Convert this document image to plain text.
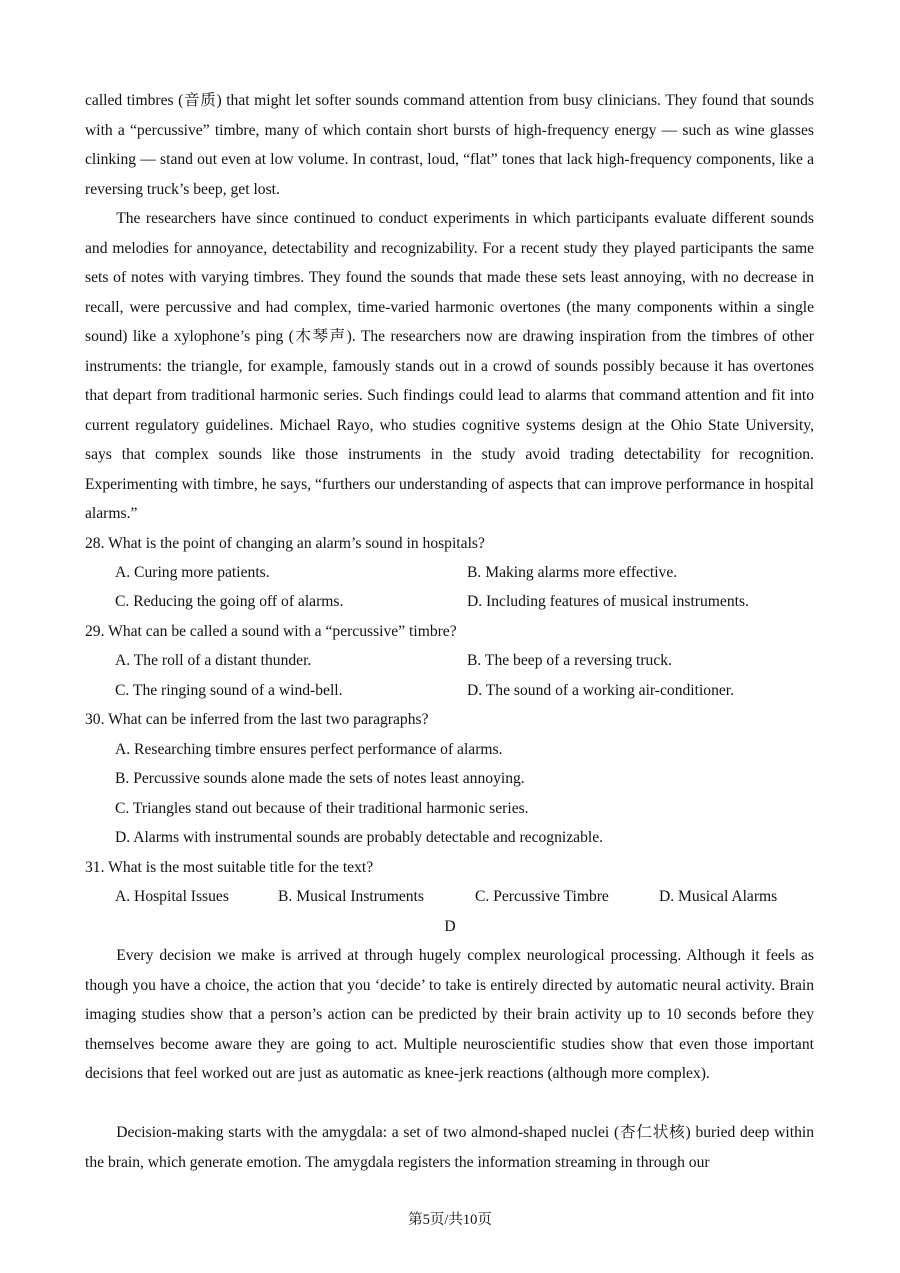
called timbres (音质) that might let softer sounds command attention from busy clinicians. They found that sounds with a “percussive” timbre, many of which contain short bursts of high-frequency energy — such as wine glasses clinking — stand out even at low volume. In contrast, loud, “flat” tones that lack high-frequency components, like a reversing truck’s beep, get lost.

The researchers have since continued to conduct experiments in which participants evaluate different sounds and melodies for annoyance, detectability and recognizability. For a recent study they played participants the same sets of notes with varying timbres. They found the sounds that made these sets least annoying, with no decrease in recall, were percussive and had complex, time-varied harmonic overtones (the many components within a single sound) like a xylophone’s ping (木琴声). The researchers now are drawing inspiration from the timbres of other instruments: the triangle, for example, famously stands out in a crowd of sounds possibly because it has overtones that depart from traditional harmonic series. Such findings could lead to alarms that command attention and fit into current regulatory guidelines. Michael Rayo, who studies cognitive systems design at the Ohio State University, says that complex sounds like those instruments in the study avoid trading detectability for recognition. Experimenting with timbre, he says, “furthers our understanding of aspects that can improve performance in hospital alarms.”

28. What is the point of changing an alarm’s sound in hospitals?

A. Curing more patients.	B. Making alarms more effective.

C. Reducing the going off of alarms.	D. Including features of musical instruments.

29. What can be called a sound with a “percussive” timbre?

A. The roll of a distant thunder.	B. The beep of a reversing truck.

C. The ringing sound of a wind-bell.	D. The sound of a working air-conditioner.

30. What can be inferred from the last two paragraphs?

A. Researching timbre ensures perfect performance of alarms.

B. Percussive sounds alone made the sets of notes least annoying.

C. Triangles stand out because of their traditional harmonic series.

D. Alarms with instrumental sounds are probably detectable and recognizable.

31. What is the most suitable title for the text?

A. Hospital Issues	B. Musical Instruments	C. Percussive Timbre	D. Musical Alarms

D

Every decision we make is arrived at through hugely complex neurological processing. Although it feels as though you have a choice, the action that you ‘decide’ to take is entirely directed by automatic neural activity. Brain imaging studies show that a person’s action can be predicted by their brain activity up to 10 seconds before they themselves become aware they are going to act. Multiple neuroscientific studies show that even those important decisions that feel worked out are just as automatic as knee-jerk reactions (although more complex).

Decision-making starts with the amygdala: a set of two almond-shaped nuclei (杏仁状核) buried deep within the brain, which generate emotion. The amygdala registers the information streaming in through our

第5页/共10页
